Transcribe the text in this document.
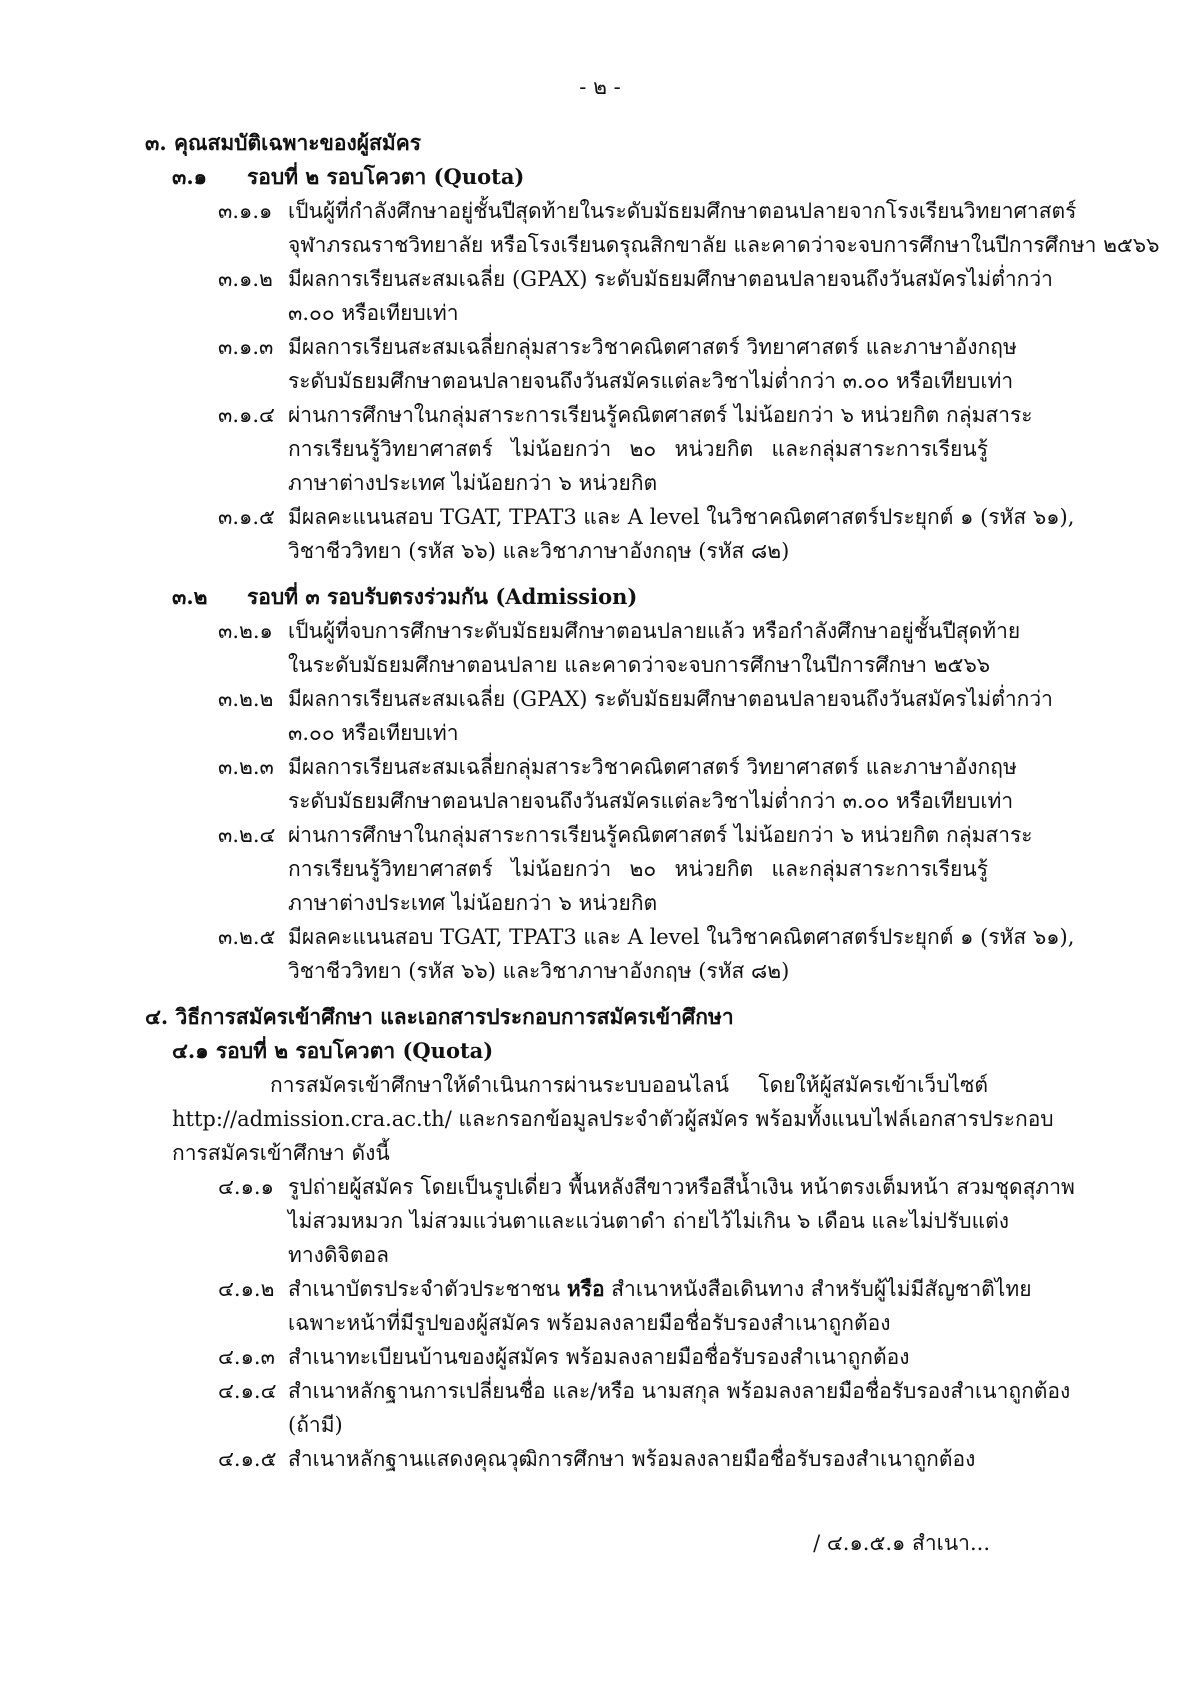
- ๒ -
๓. คุณสมบัติเฉพาะของผู้สมัคร
๓.๑ รอบที่ ๒ รอบโควตา (Quota)
๓.๑.๑ เป็นผู้ที่กำลังศึกษาอยู่ชั้นปีสุดท้ายในระดับมัธยมศึกษาตอนปลายจากโรงเรียนวิทยาศาสตร์
จุฬาภรณราชวิทยาลัย หรือโรงเรียนดรุณสิกขาลัย และคาดว่าจะจบการศึกษาในปีการศึกษา ๒๕๖๖
๓.๑.๒ มีผลการเรียนสะสมเฉลี่ย (GPAX) ระดับมัธยมศึกษาตอนปลายจนถึงวันสมัครไม่ต่ำกว่า
๓.๐๐ หรือเทียบเท่า
๓.๑.๓ มีผลการเรียนสะสมเฉลี่ยกลุ่มสาระวิชาคณิตศาสตร์ วิทยาศาสตร์ และภาษาอังกฤษ
ระดับมัธยมศึกษาตอนปลายจนถึงวันสมัครแต่ละวิชาไม่ต่ำกว่า ๓.๐๐ หรือเทียบเท่า
๓.๑.๔ ผ่านการศึกษาในกลุ่มสาระการเรียนรู้คณิตศาสตร์ ไม่น้อยกว่า ๖ หน่วยกิต กลุ่มสาระ
การเรียนรู้วิทยาศาสตร์ ไม่น้อยกว่า ๒๐ หน่วยกิต และกลุ่มสาระการเรียนรู้
ภาษาต่างประเทศ ไม่น้อยกว่า ๖ หน่วยกิต
๓.๑.๕ มีผลคะแนนสอบ TGAT, TPAT3 และ A level ในวิชาคณิตศาสตร์ประยุกต์ ๑ (รหัส ๖๑),
วิชาชีววิทยา (รหัส ๖๖) และวิชาภาษาอังกฤษ (รหัส ๘๒)
๓.๒ รอบที่ ๓ รอบรับตรงร่วมกัน (Admission)
๓.๒.๑ เป็นผู้ที่จบการศึกษาระดับมัธยมศึกษาตอนปลายแล้ว หรือกำลังศึกษาอยู่ชั้นปีสุดท้าย
ในระดับมัธยมศึกษาตอนปลาย และคาดว่าจะจบการศึกษาในปีการศึกษา ๒๕๖๖
๓.๒.๒ มีผลการเรียนสะสมเฉลี่ย (GPAX) ระดับมัธยมศึกษาตอนปลายจนถึงวันสมัครไม่ต่ำกว่า
๓.๐๐ หรือเทียบเท่า
๓.๒.๓ มีผลการเรียนสะสมเฉลี่ยกลุ่มสาระวิชาคณิตศาสตร์ วิทยาศาสตร์ และภาษาอังกฤษ
ระดับมัธยมศึกษาตอนปลายจนถึงวันสมัครแต่ละวิชาไม่ต่ำกว่า ๓.๐๐ หรือเทียบเท่า
๓.๒.๔ ผ่านการศึกษาในกลุ่มสาระการเรียนรู้คณิตศาสตร์ ไม่น้อยกว่า ๖ หน่วยกิต กลุ่มสาระ
การเรียนรู้วิทยาศาสตร์ ไม่น้อยกว่า ๒๐ หน่วยกิต และกลุ่มสาระการเรียนรู้
ภาษาต่างประเทศ ไม่น้อยกว่า ๖ หน่วยกิต
๓.๒.๕ มีผลคะแนนสอบ TGAT, TPAT3 และ A level ในวิชาคณิตศาสตร์ประยุกต์ ๑ (รหัส ๖๑),
วิชาชีววิทยา (รหัส ๖๖) และวิชาภาษาอังกฤษ (รหัส ๘๒)
๔. วิธีการสมัครเข้าศึกษา และเอกสารประกอบการสมัครเข้าศึกษา
๔.๑ รอบที่ ๒ รอบโควตา (Quota)
การสมัครเข้าศึกษาให้ดำเนินการผ่านระบบออนไลน์ โดยให้ผู้สมัครเข้าเว็บไซต์
http://admission.cra.ac.th/ และกรอกข้อมูลประจำตัวผู้สมัคร พร้อมทั้งแนบไฟล์เอกสารประกอบ
การสมัครเข้าศึกษา ดังนี้
๔.๑.๑ รูปถ่ายผู้สมัคร โดยเป็นรูปเดี่ยว พื้นหลังสีขาวหรือสีน้ำเงิน หน้าตรงเต็มหน้า สวมชุดสุภาพ
ไม่สวมหมวก ไม่สวมแว่นตาและแว่นตาดำ ถ่ายไว้ไม่เกิน ๖ เดือน และไม่ปรับแต่ง
ทางดิจิตอล
๔.๑.๒ สำเนาบัตรประจำตัวประชาชน หรือ สำเนาหนังสือเดินทาง สำหรับผู้ไม่มีสัญชาติไทย
เฉพาะหน้าที่มีรูปของผู้สมัคร พร้อมลงลายมือชื่อรับรองสำเนาถูกต้อง
๔.๑.๓ สำเนาทะเบียนบ้านของผู้สมัคร พร้อมลงลายมือชื่อรับรองสำเนาถูกต้อง
๔.๑.๔ สำเนาหลักฐานการเปลี่ยนชื่อ และ/หรือ นามสกุล พร้อมลงลายมือชื่อรับรองสำเนาถูกต้อง
(ถ้ามี)
๔.๑.๕ สำเนาหลักฐานแสดงคุณวุฒิการศึกษา พร้อมลงลายมือชื่อรับรองสำเนาถูกต้อง
/ ๔.๑.๕.๑ สำเนา...
